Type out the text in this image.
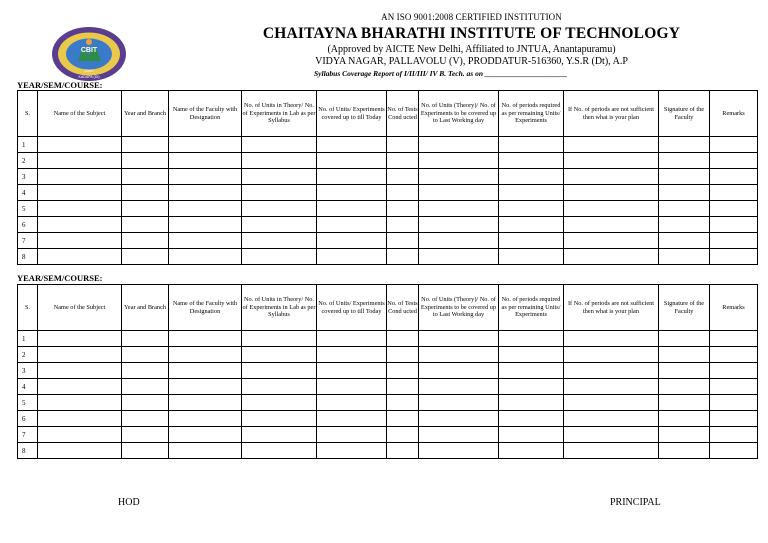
CBIT
2009
KADAPA (Dt)
AN ISO 9001:2008 CERTIFIED INSTITUTION
CHAITAYNA BHARATHI INSTITUTE OF TECHNOLOGY
(Approved by AICTE New Delhi, Affiliated to JNTUA, Anantapuramu)
VIDYA NAGAR, PALLAVOLU (V), PRODDATUR-516360, Y.S.R (Dt), A.P
Syllabus Coverage Report of I/II/III/ IV B. Tech. as on ______________________
YEAR/SEM/COURSE:
S.	Name of the Subject	Year and Branch	Name of the Faculty with Designation	No. of Units in Theory/ No. of Experiments in Lab as per Syllabus	No. of Units/ Experiments covered up to till Today	No. of Tests Cond ucted	No. of Units (Theory)/ No. of Experiments to be covered up to Last Working day	No. of periods required as per remaining Units/ Experiments	If No. of periods are not sufficient then what is your plan	Signature of the Faculty	Remarks
1											
2											
3											
4											
5											
6											
7											
8											
YEAR/SEM/COURSE:
S.	Name of the Subject	Year and Branch	Name of the Faculty with Designation	No. of Units in Theory/ No. of Experiments in Lab as per Syllabus	No. of Units/ Experiments covered up to till Today	No. of Tests Cond ucted	No. of Units (Theory)/ No. of Experiments to be covered up to Last Working day	No. of periods required as per remaining Units/ Experiments	If No. of periods are not sufficient then what is your plan	Signature of the Faculty	Remarks
1											
2											
3											
4											
5											
6											
7											
8											
HOD	PRINCIPAL
